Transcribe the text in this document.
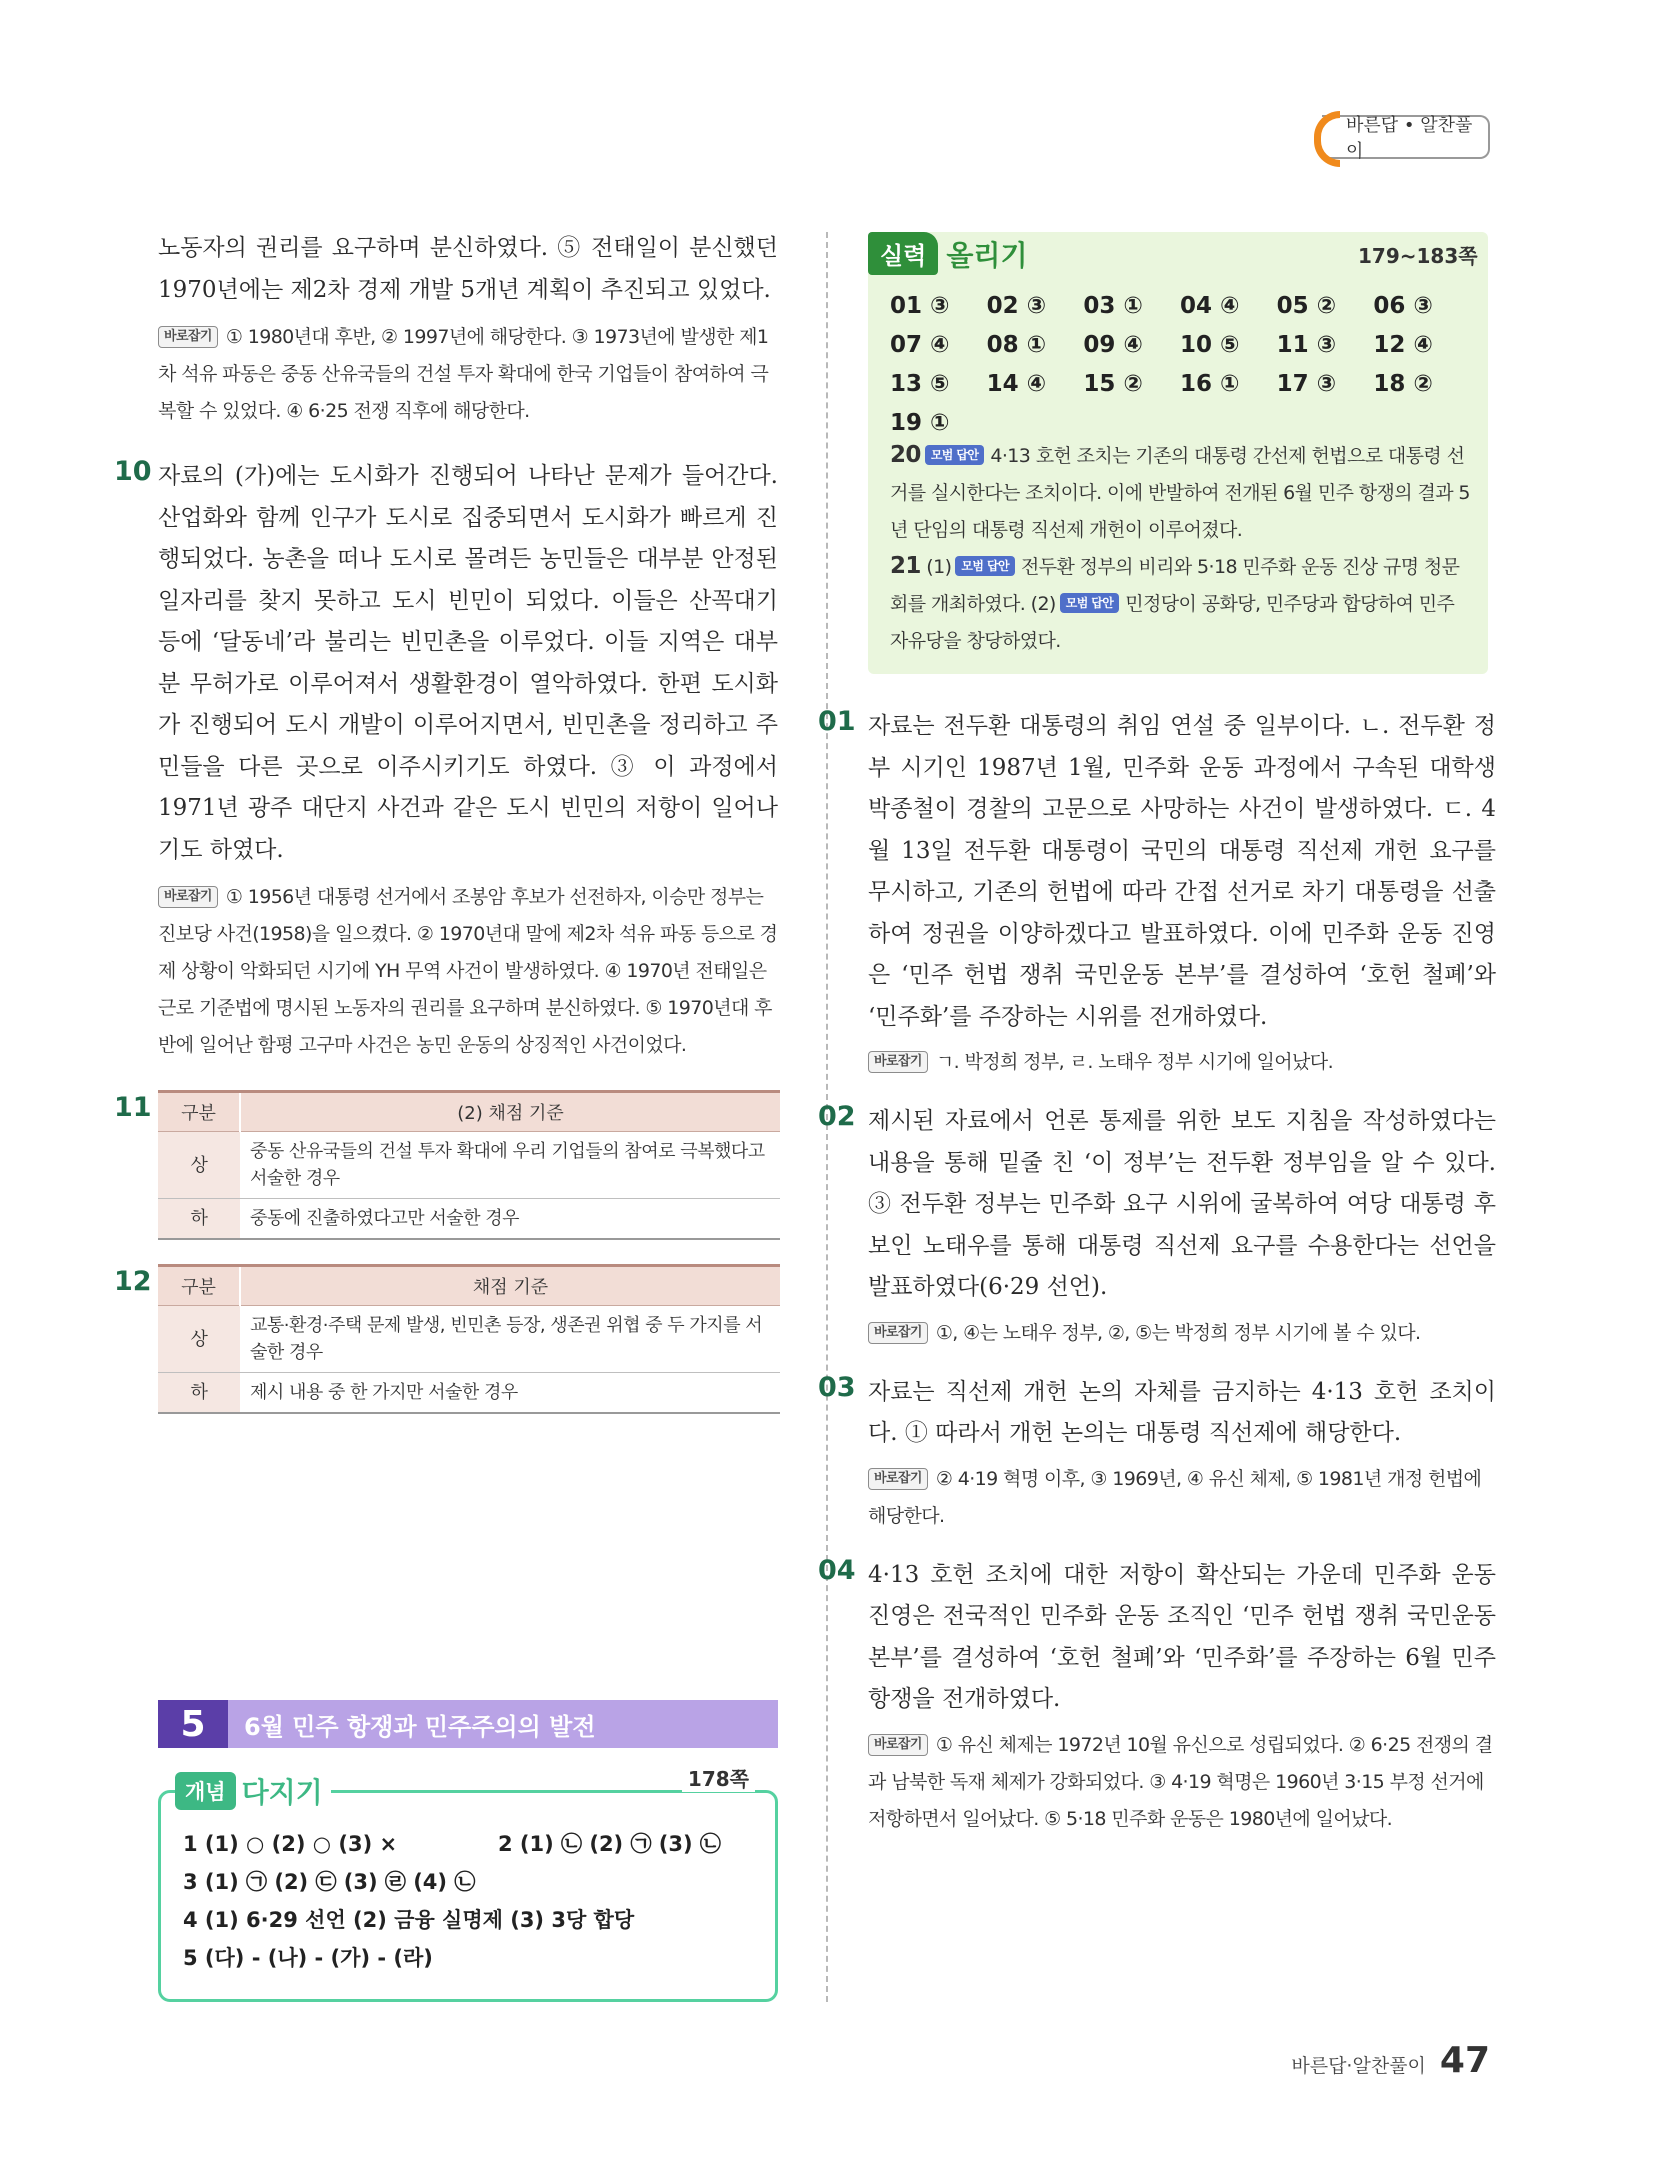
바른답 • 알찬풀이

노동자의 권리를 요구하며 분신하였다. ⑤ 전태일이 분신했던 1970년에는 제2차 경제 개발 5개년 계획이 추진되고 있었다.

바로잡기 ① 1980년대 후반, ② 1997년에 해당한다. ③ 1973년에 발생한 제1차 석유 파동은 중동 산유국들의 건설 투자 확대에 한국 기업들이 참여하여 극복할 수 있었다. ④ 6·25 전쟁 직후에 해당한다.

10 자료의 (가)에는 도시화가 진행되어 나타난 문제가 들어간다. 산업화와 함께 인구가 도시로 집중되면서 도시화가 빠르게 진행되었다. 농촌을 떠나 도시로 몰려든 농민들은 대부분 안정된 일자리를 찾지 못하고 도시 빈민이 되었다. 이들은 산꼭대기 등에 ‘달동네’라 불리는 빈민촌을 이루었다. 이들 지역은 대부분 무허가로 이루어져서 생활환경이 열악하였다. 한편 도시화가 진행되어 도시 개발이 이루어지면서, 빈민촌을 정리하고 주민들을 다른 곳으로 이주시키기도 하였다. ③ 이 과정에서 1971년 광주 대단지 사건과 같은 도시 빈민의 저항이 일어나기도 하였다.

바로잡기 ① 1956년 대통령 선거에서 조봉암 후보가 선전하자, 이승만 정부는 진보당 사건(1958)을 일으켰다. ② 1970년대 말에 제2차 석유 파동 등으로 경제 상황이 악화되던 시기에 YH 무역 사건이 발생하였다. ④ 1970년 전태일은 근로 기준법에 명시된 노동자의 권리를 요구하며 분신하였다. ⑤ 1970년대 후반에 일어난 함평 고구마 사건은 농민 운동의 상징적인 사건이었다.

11 구분	(2) 채점 기준
상	중동 산유국들의 건설 투자 확대에 우리 기업들의 참여로 극복했다고 서술한 경우
하	중동에 진출하였다고만 서술한 경우
12 구분	채점 기준
상	교통·환경·주택 문제 발생, 빈민촌 등장, 생존권 위협 중 두 가지를 서술한 경우
하	제시 내용 중 한 가지만 서술한 경우
5	6월 민주 항쟁과 민주주의의 발전
개념 다지기	178쪽
1 (1) ○ (2) ○ (3) ×	2 (1) ㉡ (2) ㉠ (3) ㉡
3 (1) ㉠ (2) ㉢ (3) ㉣ (4) ㉡
4 (1) 6·29 선언 (2) 금융 실명제 (3) 3당 합당
5 (다) - (나) - (가) - (라)
실력 올리기	179~183쪽
01 ③	02 ③	03 ①	04 ④	05 ②	06 ③
07 ④	08 ①	09 ④	10 ⑤	11 ③	12 ④
13 ⑤	14 ④	15 ②	16 ①	17 ③	18 ②
19 ①
20 모범 답안 4·13 호헌 조치는 기존의 대통령 간선제 헌법으로 대통령 선거를 실시한다는 조치이다. 이에 반발하여 전개된 6월 민주 항쟁의 결과 5년 단임의 대통령 직선제 개헌이 이루어졌다.
21 (1) 모범 답안 전두환 정부의 비리와 5·18 민주화 운동 진상 규명 청문회를 개최하였다. (2) 모범 답안 민정당이 공화당, 민주당과 합당하여 민주 자유당을 창당하였다.
01 자료는 전두환 대통령의 취임 연설 중 일부이다. ㄴ. 전두환 정부 시기인 1987년 1월, 민주화 운동 과정에서 구속된 대학생 박종철이 경찰의 고문으로 사망하는 사건이 발생하였다. ㄷ. 4월 13일 전두환 대통령이 국민의 대통령 직선제 개헌 요구를 무시하고, 기존의 헌법에 따라 간접 선거로 차기 대통령을 선출하여 정권을 이양하겠다고 발표하였다. 이에 민주화 운동 진영은 ‘민주 헌법 쟁취 국민운동 본부’를 결성하여 ‘호헌 철폐’와 ‘민주화’를 주장하는 시위를 전개하였다.

바로잡기 ㄱ. 박정희 정부, ㄹ. 노태우 정부 시기에 일어났다.

02 제시된 자료에서 언론 통제를 위한 보도 지침을 작성하였다는 내용을 통해 밑줄 친 ‘이 정부’는 전두환 정부임을 알 수 있다. ③ 전두환 정부는 민주화 요구 시위에 굴복하여 여당 대통령 후보인 노태우를 통해 대통령 직선제 요구를 수용한다는 선언을 발표하였다(6·29 선언).

바로잡기 ①, ④는 노태우 정부, ②, ⑤는 박정희 정부 시기에 볼 수 있다.

03 자료는 직선제 개헌 논의 자체를 금지하는 4·13 호헌 조치이다. ① 따라서 개헌 논의는 대통령 직선제에 해당한다.

바로잡기 ② 4·19 혁명 이후, ③ 1969년, ④ 유신 체제, ⑤ 1981년 개정 헌법에 해당한다.

04 4·13 호헌 조치에 대한 저항이 확산되는 가운데 민주화 운동 진영은 전국적인 민주화 운동 조직인 ‘민주 헌법 쟁취 국민운동 본부’를 결성하여 ‘호헌 철폐’와 ‘민주화’를 주장하는 6월 민주 항쟁을 전개하였다.

바로잡기 ① 유신 체제는 1972년 10월 유신으로 성립되었다. ② 6·25 전쟁의 결과 남북한 독재 체제가 강화되었다. ③ 4·19 혁명은 1960년 3·15 부정 선거에 저항하면서 일어났다. ⑤ 5·18 민주화 운동은 1980년에 일어났다.

바른답·알찬풀이 47
